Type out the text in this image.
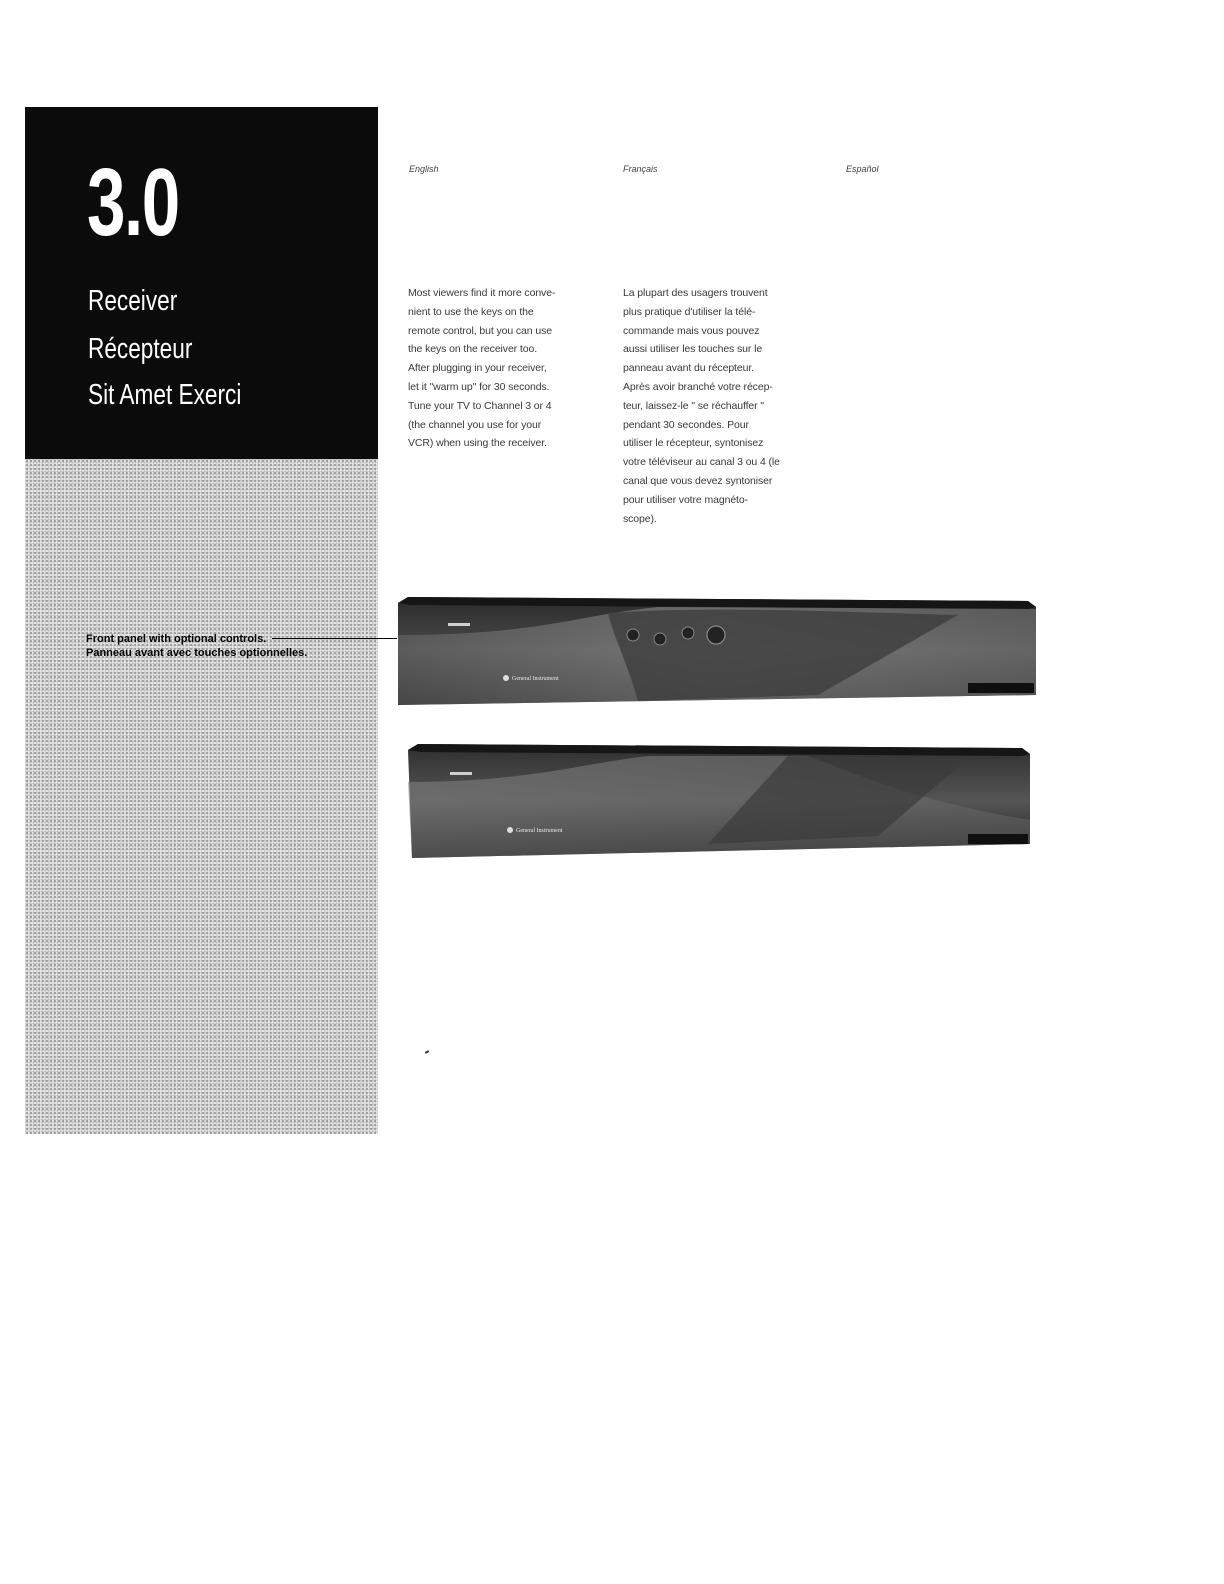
3.0
Receiver
Récepteur
Sit Amet Exerci
Front panel with optional controls.
Panneau avant avec touches optionnelles.
English	Français	Español
Most viewers find it more conve-
nient to use the keys on the
remote control, but you can use
the keys on the receiver too.
After plugging in your receiver,
let it "warm up" for 30 seconds.
Tune your TV to Channel 3 or 4
(the channel you use for your
VCR) when using the receiver.
La plupart des usagers trouvent
plus pratique d'utiliser la télé-
commande mais vous pouvez
aussi utiliser les touches sur le
panneau avant du récepteur.
Après avoir branché votre récep-
teur, laissez-le " se réchauffer "
pendant 30 secondes. Pour
utiliser le récepteur, syntonisez
votre téléviseur au canal 3 ou 4 (le
canal que vous devez syntoniser
pour utiliser votre magnéto-
scope).
General Instrument
General Instrument
